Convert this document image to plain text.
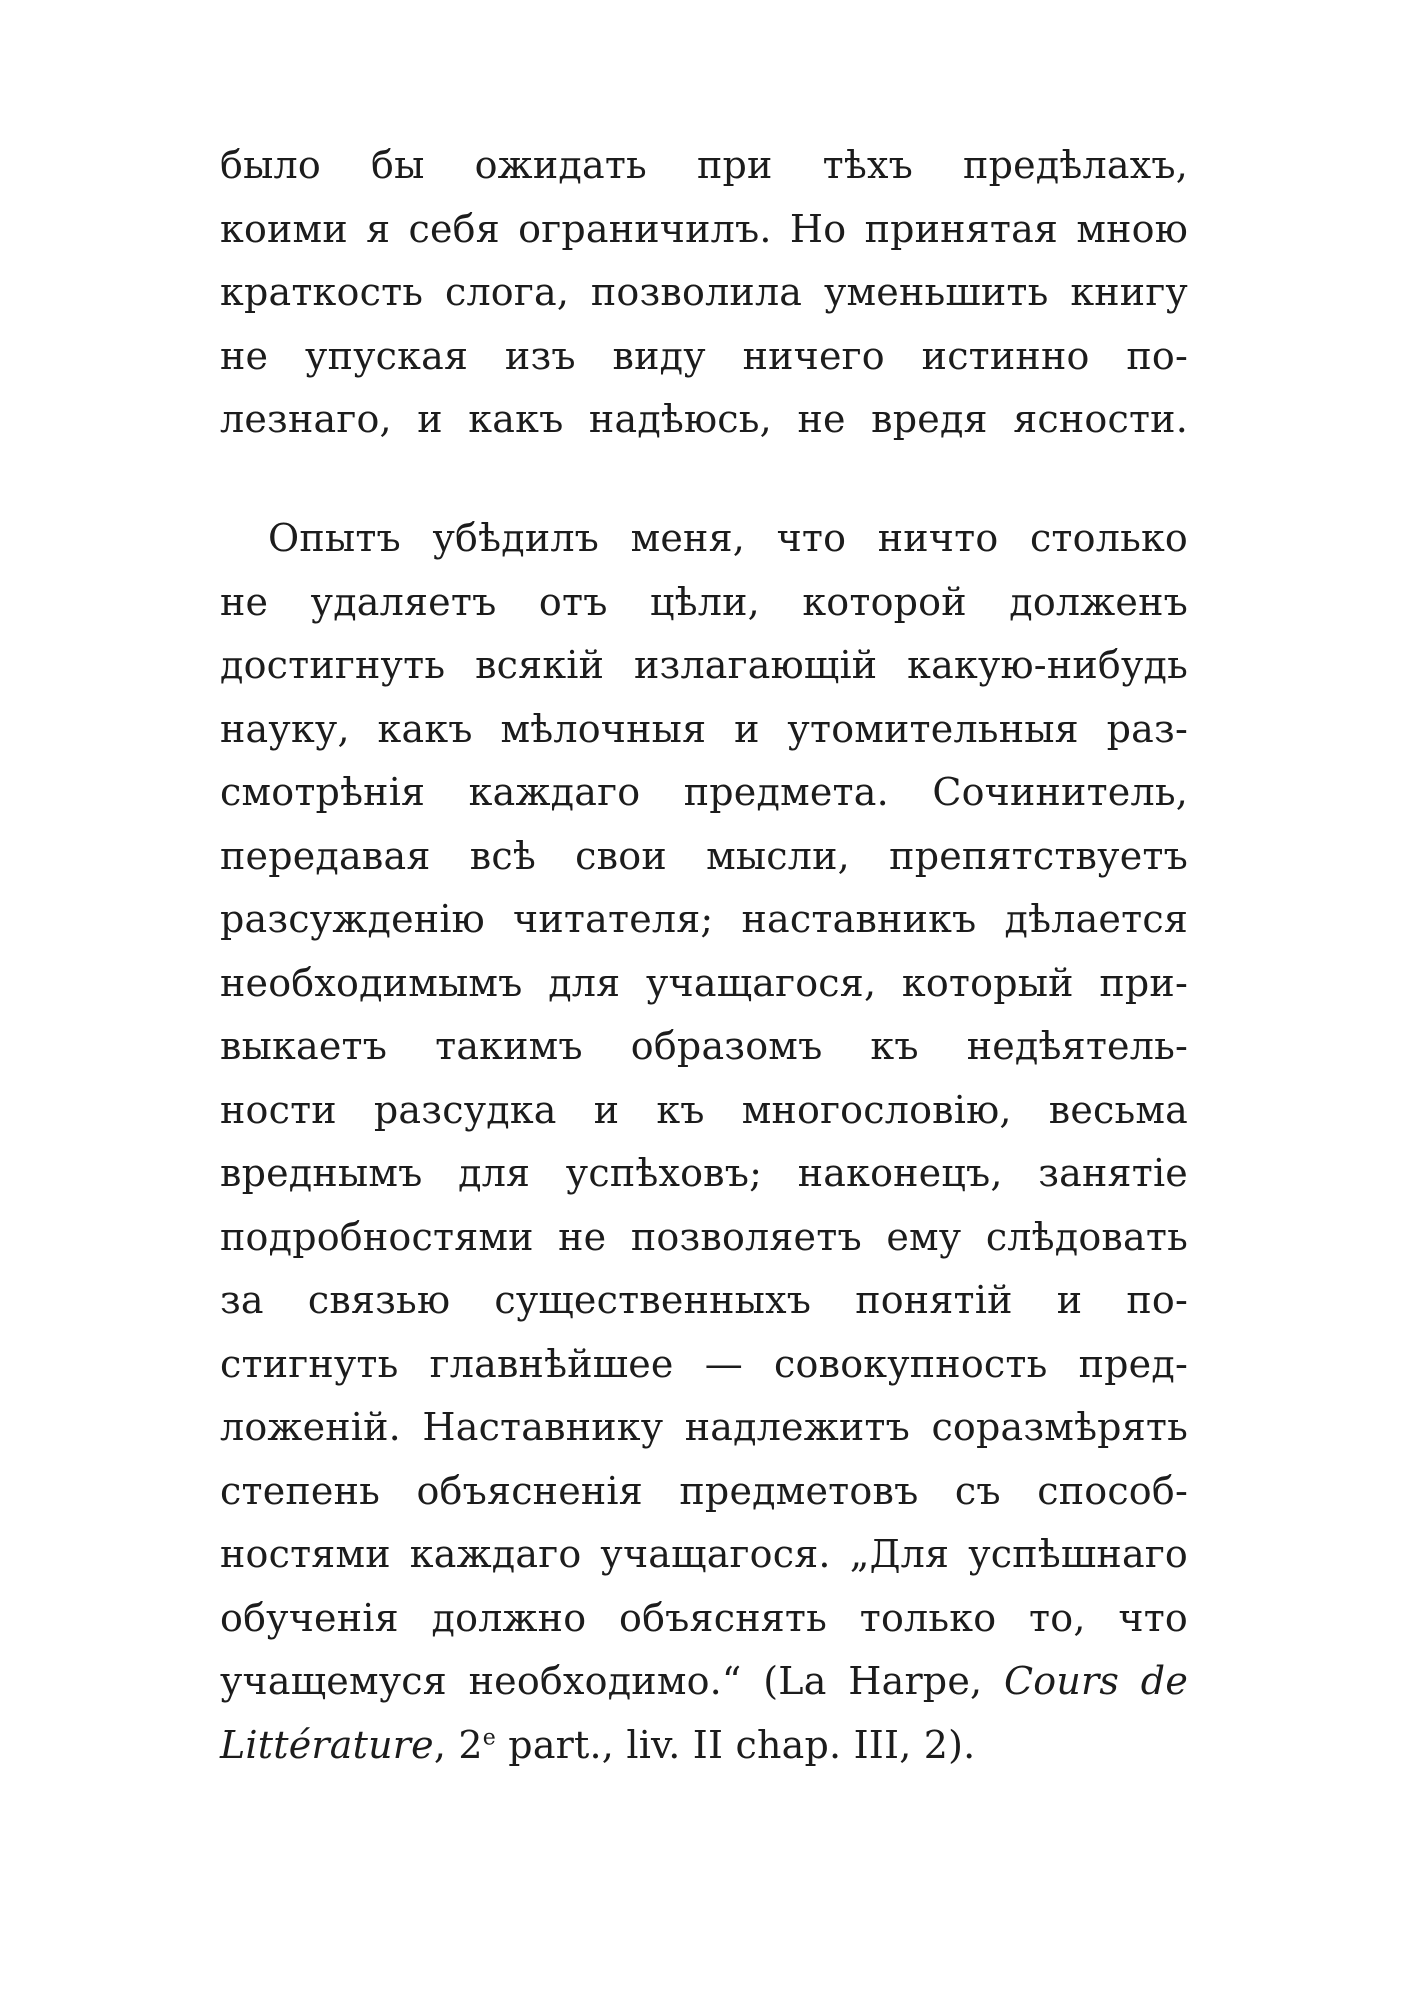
было бы ожидать при тѣхъ предѣлахъ,
коими я себя ограничилъ. Но принятая мною
краткость слога, позволила уменьшить книгу
не упуская изъ виду ничего истинно по-
лезнаго, и какъ надѣюсь, не вредя ясности.
Опытъ убѣдилъ меня, что ничто столько
не удаляетъ отъ цѣли, которой долженъ
достигнуть всякій излагающій какую-нибудь
науку, какъ мѣлочныя и утомительныя раз-
смотрѣнія каждаго предмета. Сочинитель,
передавая всѣ свои мысли, препятствуетъ
разсужденію читателя; наставникъ дѣлается
необходимымъ для учащагося, который при-
выкаетъ такимъ образомъ къ недѣятель-
ности разсудка и къ многословію, весьма
вреднымъ для успѣховъ; наконецъ, занятіе
подробностями не позволяетъ ему слѣдовать
за связью существенныхъ понятій и по-
стигнуть главнѣйшее — совокупность пред-
ложеній. Наставнику надлежитъ соразмѣрять
степень объясненія предметовъ съ способ-
ностями каждаго учащагося. „Для успѣшнаго
обученія должно объяснять только то, что
учащемуся необходимо.“ (La Harpe, Cours de
Littérature, 2e part., liv. II chap. III, 2).
